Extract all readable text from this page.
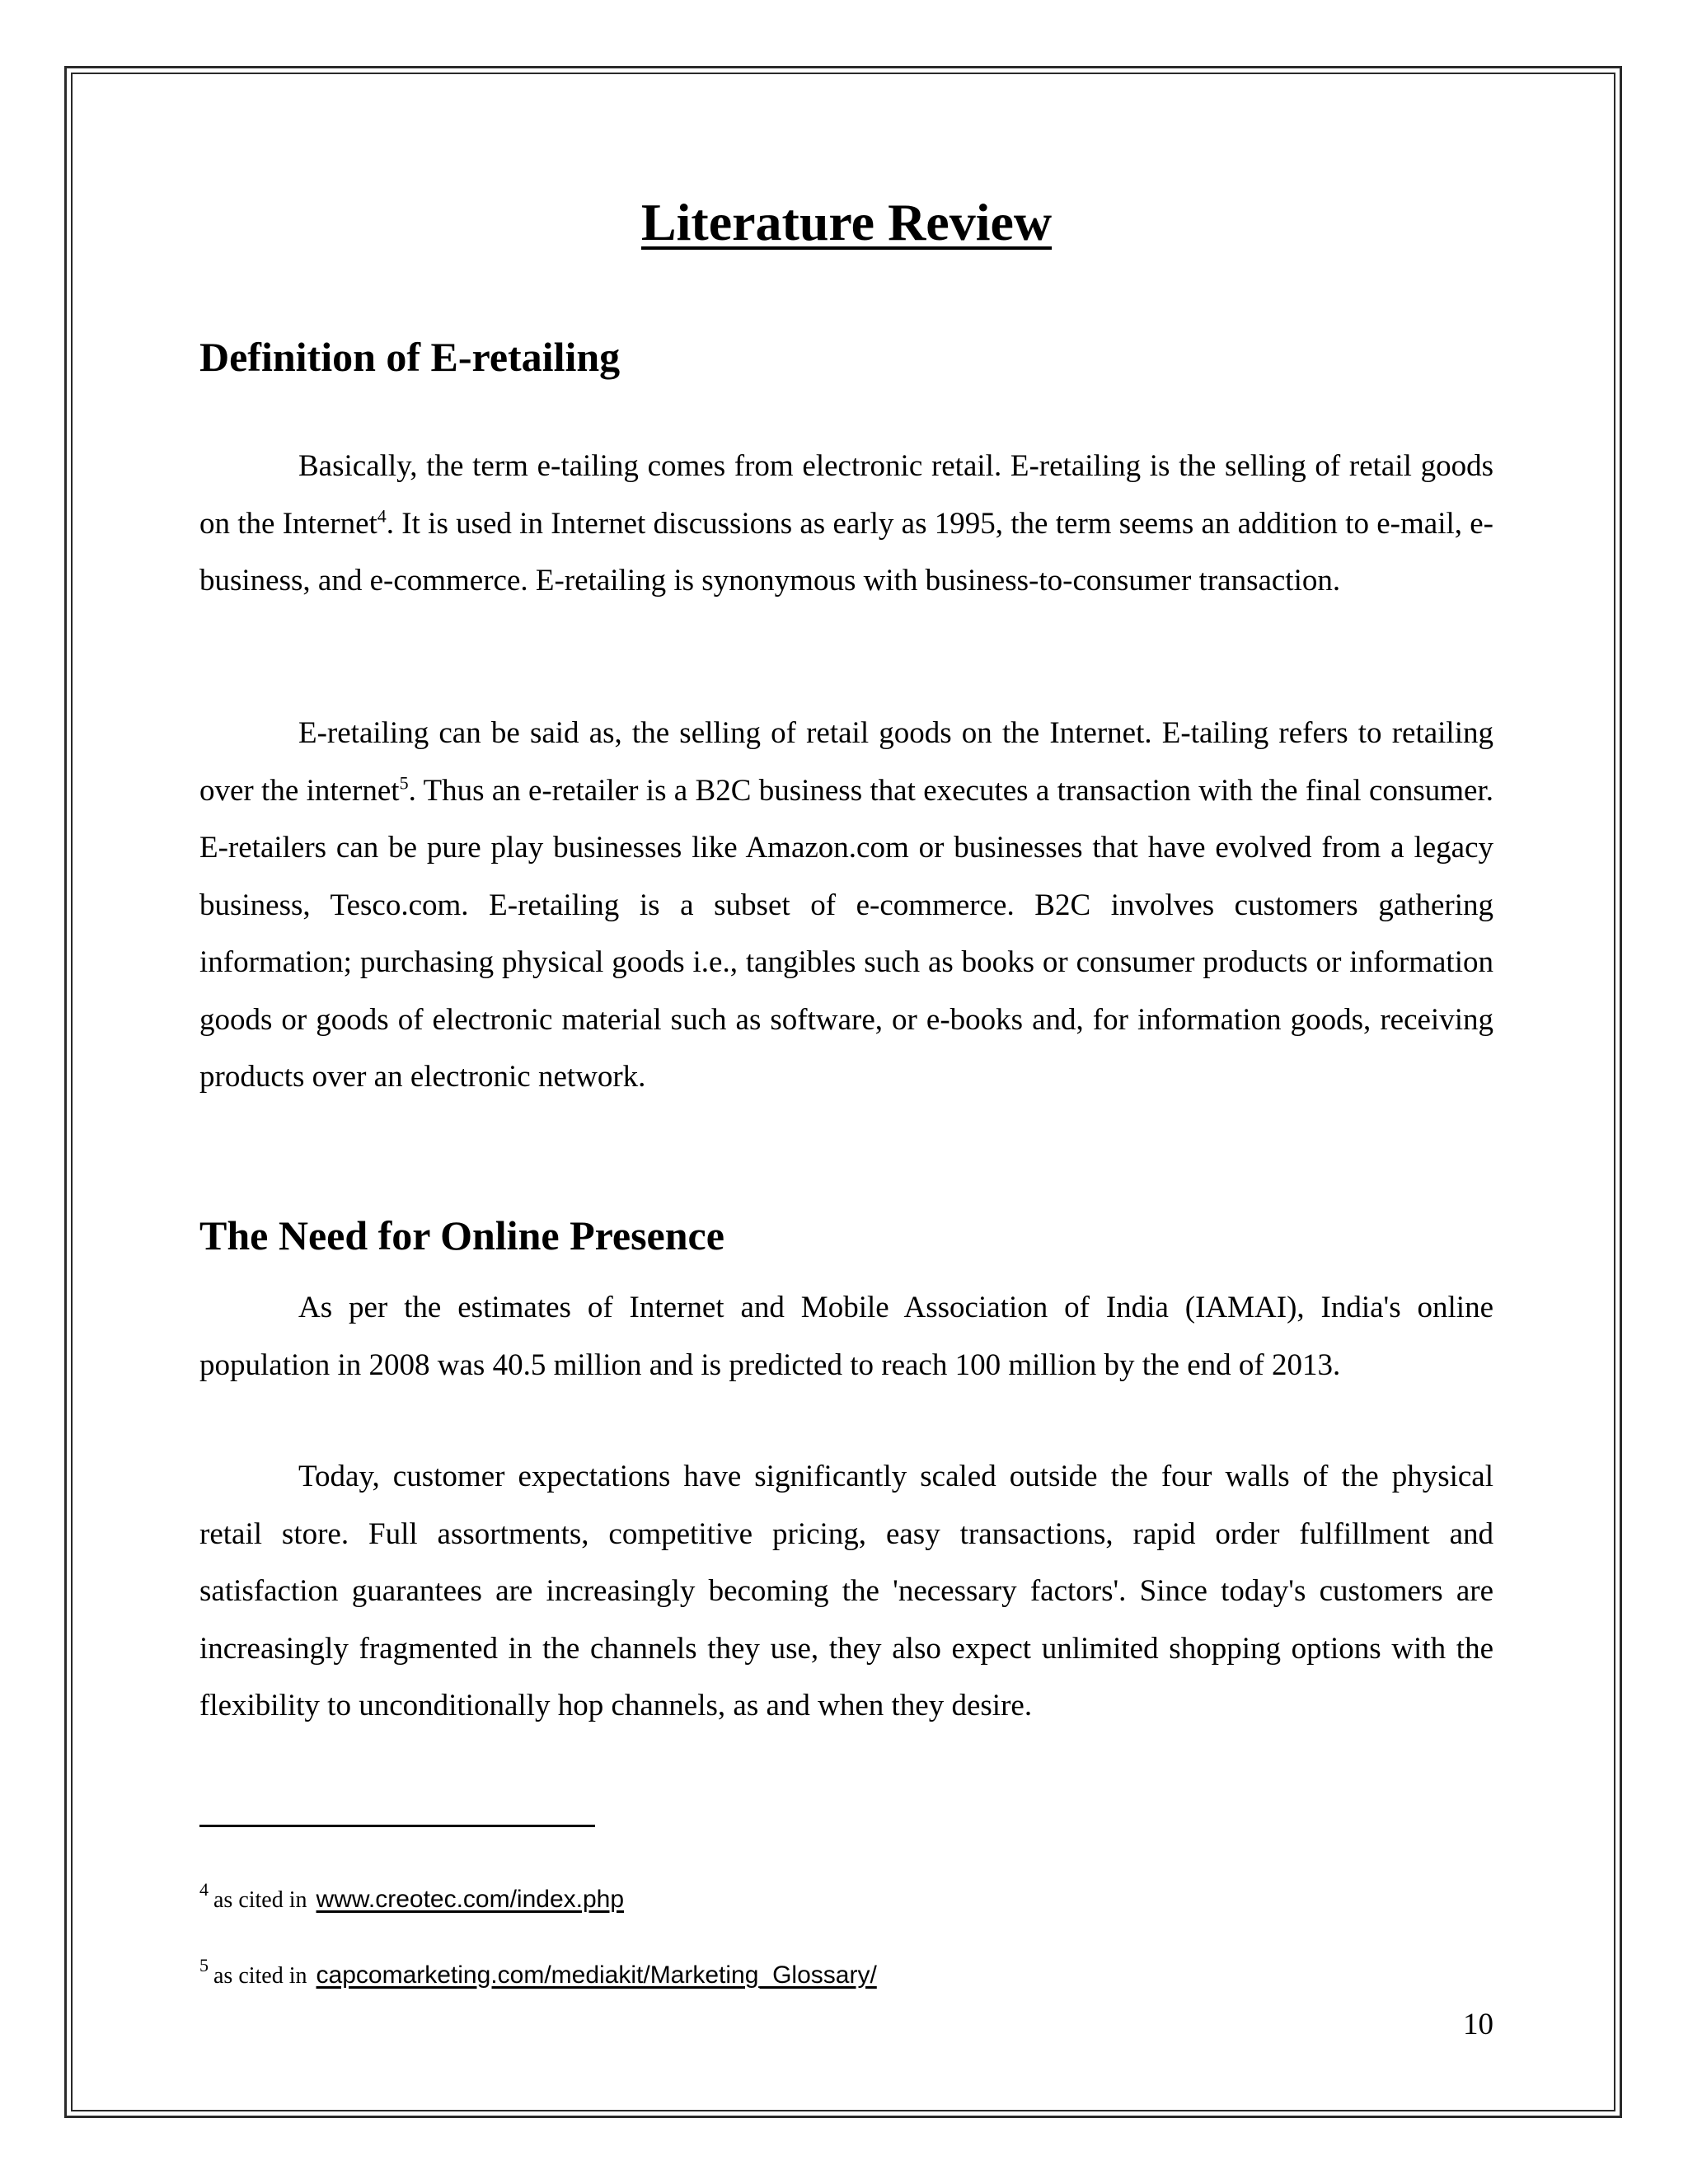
Literature Review
Definition of E-retailing

Basically, the term e-tailing comes from electronic retail. E-retailing is the selling of retail goods on the Internet$^4$. It is used in Internet discussions as early as 1995, the term seems an addition to e-mail, e-business, and e-commerce. E-retailing is synonymous with business-to-consumer transaction.

E-retailing can be said as, the selling of retail goods on the Internet. E-tailing refers to retailing over the internet$^5$. Thus an e-retailer is a B2C business that executes a transaction with the final consumer. E-retailers can be pure play businesses like Amazon.com or businesses that have evolved from a legacy business, Tesco.com. E-retailing is a subset of e-commerce. B2C involves customers gathering information; purchasing physical goods i.e., tangibles such as books or consumer products or information goods or goods of electronic material such as software, or e-books and, for information goods, receiving products over an electronic network.

The Need for Online Presence

As per the estimates of Internet and Mobile Association of India (IAMAI), India's online population in 2008 was 40.5 million and is predicted to reach 100 million by the end of 2013.

Today, customer expectations have significantly scaled outside the four walls of the physical retail store. Full assortments, competitive pricing, easy transactions, rapid order fulfillment and satisfaction guarantees are increasingly becoming the 'necessary factors'. Since today's customers are increasingly fragmented in the channels they use, they also expect unlimited shopping options with the flexibility to unconditionally hop channels, as and when they desire.

$^4$ as cited in www.creotec.com/index.php
$^5$ as cited in capcomarketing.com/mediakit/Marketing_Glossary/
10
